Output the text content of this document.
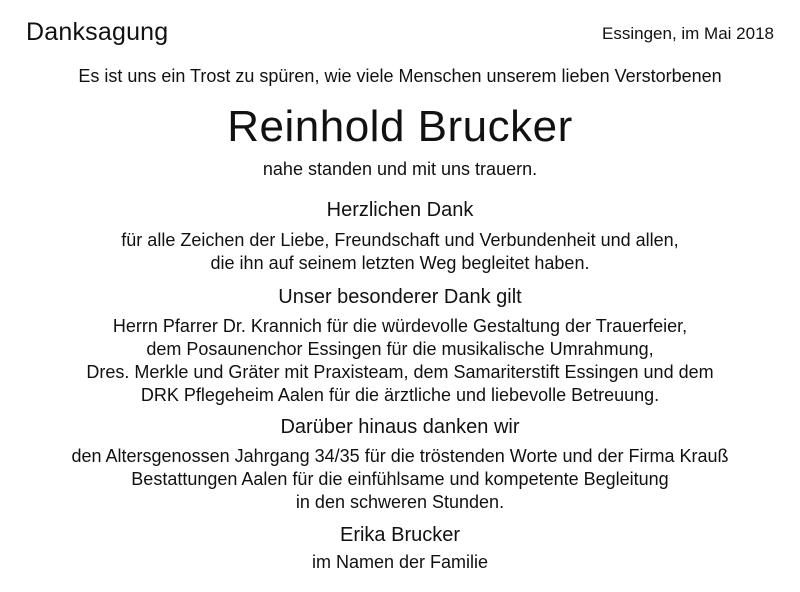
Danksagung	Essingen, im Mai 2018
Es ist uns ein Trost zu spüren, wie viele Menschen unserem lieben Verstorbenen
Reinhold Brucker
nahe standen und mit uns trauern.
Herzlichen Dank
für alle Zeichen der Liebe, Freundschaft und Verbundenheit und allen,
die ihn auf seinem letzten Weg begleitet haben.
Unser besonderer Dank gilt
Herrn Pfarrer Dr. Krannich für die würdevolle Gestaltung der Trauerfeier,
dem Posaunenchor Essingen für die musikalische Umrahmung,
Dres. Merkle und Gräter mit Praxisteam, dem Samariterstift Essingen und dem
DRK Pflegeheim Aalen für die ärztliche und liebevolle Betreuung.
Darüber hinaus danken wir
den Altersgenossen Jahrgang 34/35 für die tröstenden Worte und der Firma Krauß
Bestattungen Aalen für die einfühlsame und kompetente Begleitung
in den schweren Stunden.
Erika Brucker
im Namen der Familie
